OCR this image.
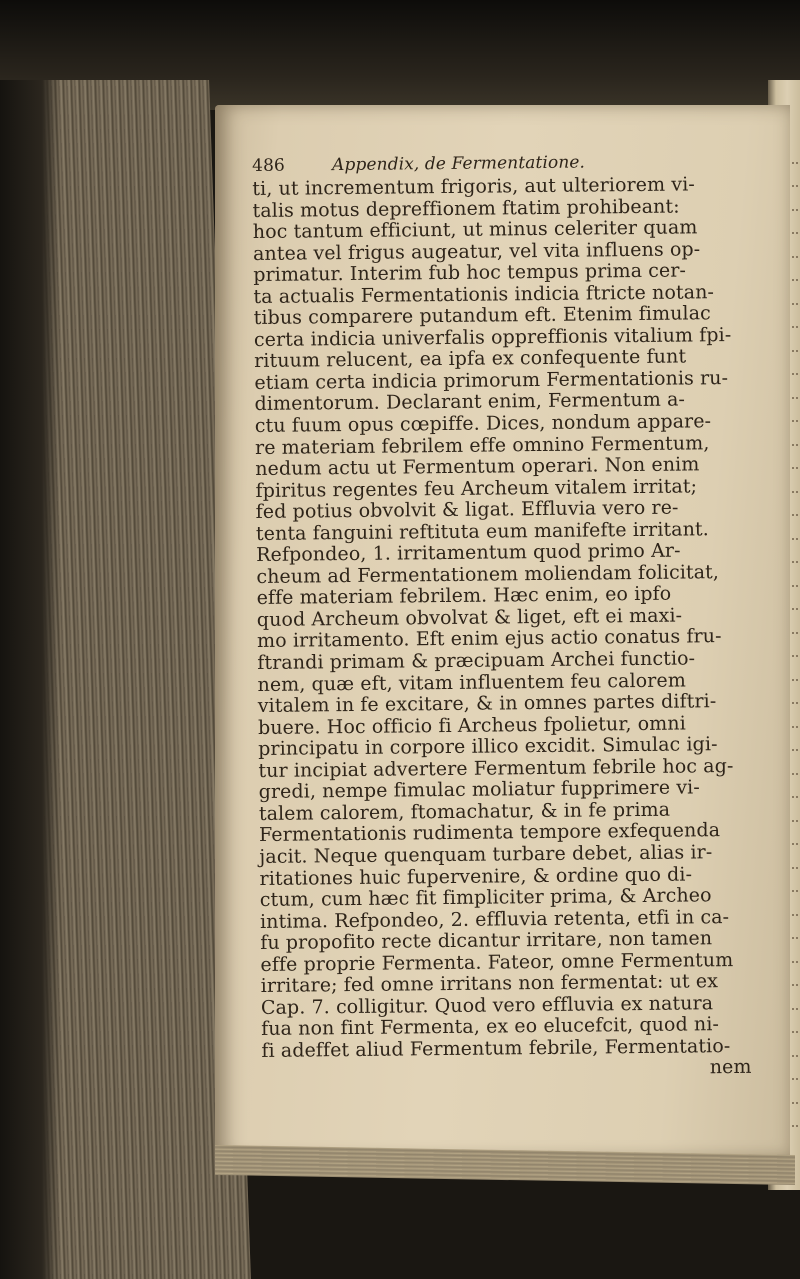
486	Appendix, de Fermentatione.
ti, ut incrementum frigoris, aut ulteriorem vi-
talis motus depreffionem ftatim prohibeant:
hoc tantum efficiunt, ut minus celeriter quam
antea vel frigus augeatur, vel vita influens op-
primatur. Interim fub hoc tempus prima cer-
ta actualis Fermentationis indicia ftricte notan-
tibus comparere putandum eft. Etenim fimulac
certa indicia univerfalis oppreffionis vitalium fpi-
rituum relucent, ea ipfa ex confequente funt
etiam certa indicia primorum Fermentationis ru-
dimentorum. Declarant enim, Fermentum a-
ctu fuum opus cœpiffe. Dices, nondum appare-
re materiam febrilem effe omnino Fermentum,
nedum actu ut Fermentum operari. Non enim
fpiritus regentes feu Archeum vitalem irritat;
fed potius obvolvit & ligat. Effluvia vero re-
tenta fanguini reftituta eum manifefte irritant.
Refpondeo, 1. irritamentum quod primo Ar-
cheum ad Fermentationem moliendam folicitat,
effe materiam febrilem. Hæc enim, eo ipfo
quod Archeum obvolvat & liget, eft ei maxi-
mo irritamento. Eft enim ejus actio conatus fru-
ftrandi primam & præcipuam Archei functio-
nem, quæ eft, vitam influentem feu calorem
vitalem in fe excitare, & in omnes partes diftri-
buere. Hoc officio fi Archeus fpolietur, omni
principatu in corpore illico excidit. Simulac igi-
tur incipiat advertere Fermentum febrile hoc ag-
gredi, nempe fimulac moliatur fupprimere vi-
talem calorem, ftomachatur, & in fe prima
Fermentationis rudimenta tempore exfequenda
jacit. Neque quenquam turbare debet, alias ir-
ritationes huic fupervenire, & ordine quo di-
ctum, cum hæc fit fimpliciter prima, & Archeo
intima. Refpondeo, 2. effluvia retenta, etfi in ca-
fu propofito recte dicantur irritare, non tamen
effe proprie Fermenta. Fateor, omne Fermentum
irritare; fed omne irritans non fermentat: ut ex
Cap. 7. colligitur. Quod vero effluvia ex natura
fua non fint Fermenta, ex eo elucefcit, quod ni-
fi adeffet aliud Fermentum febrile, Fermentatio-
nem
